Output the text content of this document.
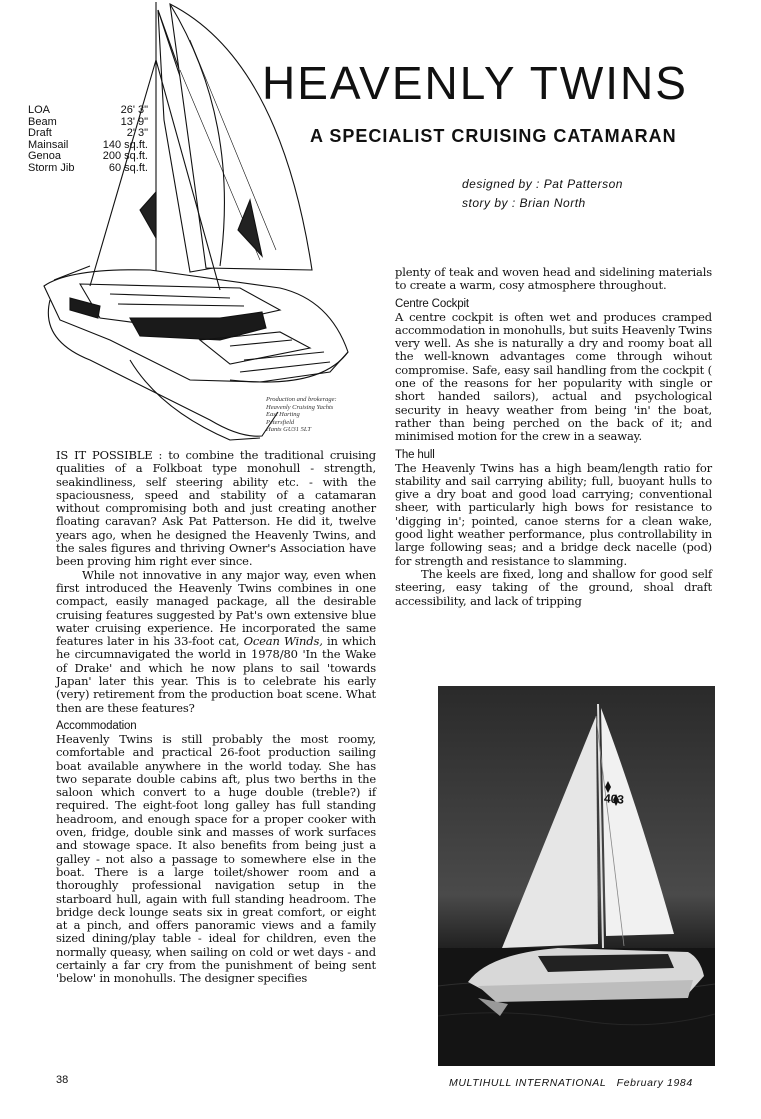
Production and brokerage:
Heavenly Cruising Yachts
East Harting
Petersfield
Hants GU31 5LT
HEAVENLY TWINS
A SPECIALIST CRUISING CATAMARAN
designed by : Pat Patterson
story by : Brian North
LOA	26' 3"
Beam	13' 9"
Draft	2' 3"
Mainsail	140 sq.ft.
Genoa	200 sq.ft.
Storm Jib	60 sq.ft.

IS IT POSSIBLE : to combine the traditional cruising qualities of a Folkboat type monohull - strength, seakindliness, self steering ability etc. - with the spaciousness, speed and stability of a catamaran without compromising both and just creating another floating caravan? Ask Pat Patterson. He did it, twelve years ago, when he designed the Heavenly Twins, and the sales figures and thriving Owner's Association have been proving him right ever since.

While not innovative in any major way, even when first introduced the Heavenly Twins combines in one compact, easily managed package, all the desirable cruising features suggested by Pat's own extensive blue water cruising experience. He incorporated the same features later in his 33-foot cat, Ocean Winds, in which he circumnavigated the world in 1978/80 'In the Wake of Drake' and which he now plans to sail 'towards Japan' later this year. This is to celebrate his early (very) retirement from the production boat scene. What then are these features?

Accommodation

Heavenly Twins is still probably the most roomy, comfortable and practical 26-foot production sailing boat available anywhere in the world today. She has two separate double cabins aft, plus two berths in the saloon which convert to a huge double (treble?) if required. The eight-foot long galley has full standing headroom, and enough space for a proper cooker with oven, fridge, double sink and masses of work surfaces and stowage space. It also benefits from being just a galley - not also a passage to somewhere else in the boat. There is a large toilet/shower room and a thoroughly professional navigation setup in the starboard hull, again with full standing headroom. The bridge deck lounge seats six in great comfort, or eight at a pinch, and offers panoramic views and a family sized dining/play table - ideal for children, even the normally queasy, when sailing on cold or wet days - and certainly a far cry from the punishment of being sent 'below' in monohulls. The designer specifies

plenty of teak and woven head and sidelining materials to create a warm, cosy atmosphere throughout.

Centre Cockpit

A centre cockpit is often wet and produces cramped accommodation in monohulls, but suits Heavenly Twins very well. As she is naturally a dry and roomy boat all the well-known advantages come through wihout compromise. Safe, easy sail handling from the cockpit ( one of the reasons for her popularity with single or short handed sailors), actual and psychological security in heavy weather from being 'in' the boat, rather than being perched on the back of it; and minimised motion for the crew in a seaway.

The hull

The Heavenly Twins has a high beam/length ratio for stability and sail carrying ability; full, buoyant hulls to give a dry boat and good load carrying; conventional sheer, with particularly high bows for resistance to 'digging in'; pointed, canoe sterns for a clean wake, good light weather performance, plus controllability in large following seas; and a bridge deck nacelle (pod) for strength and resistance to slamming.

The keels are fixed, long and shallow for good self steering, easy taking of the ground, shoal draft accessibility, and lack of tripping

403
38	MULTIHULL INTERNATIONAL   February 1984
